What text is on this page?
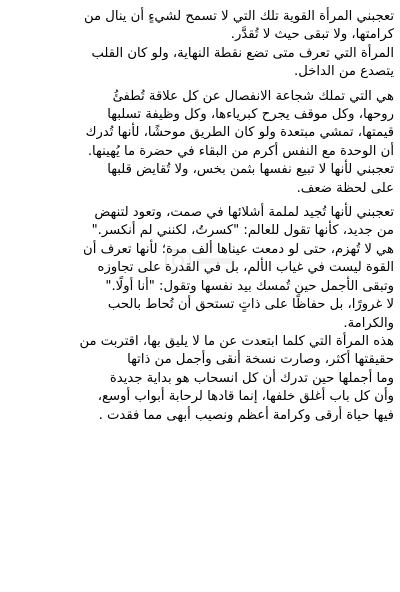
تعجبني المرأة القوية تلك التي لا تسمح لشيءٍ أن ينال من
كرامتها، ولا تبقى حيث لا تُقدَّر.

المرأة التي تعرف متى تضع نقطة النهاية، ولو كان القلب
يتصدع من الداخل.

هي التي تملك شجاعة الانفصال عن كل علاقة تُطفئُ
روحها، وكل موقف يجرح كبرياءها، وكل وظيفة تسلبها
قيمتها، تمشي مبتعدة ولو كان الطريق موحشًا، لأنها تُدرك
أن الوحدة مع النفس أكرم من البقاء في حضرة ما يُهينها.
تعجبني لأنها لا تبيع نفسها بثمن بخس، ولا تُقايض قلبها
على لحظة ضعف.

تعجبني لأنها تُجيد لملمة أشلائها في صمت، وتعود لتنهض
من جديد، كأنها تقول للعالم: "كسرتُ، لكنني لم أنكسر."
هي لا تُهزم، حتى لو دمعت عيناها ألف لأنها تعرف أن
القوة ليست في غياب الألم، بل في القدرة على تجاوزه
وتبقى الأجمل حين تُمسك بيد نفسها وتقول: "أنا أولًا."
لا غرورًا، بل حفاظًا على ذاتٍ تستحق أن تُحاط بالحب
والكرامة.

هذه المرأة التي كلما ابتعدت عن ما لا يليق بها، اقتربت من
حقيقتها أكثر، وصارت نسخة أنقى وأجمل من ذاتها
وما أجملها حين تدرك أن كل انسحاب هو بداية جديدة
وأن كل باب أغلق خلفها، إنما قادها لرحابة أبواب أوسع،
فيها حياة أرقى وكرامة أعظم ونصيب أبهى مما فقدت .
